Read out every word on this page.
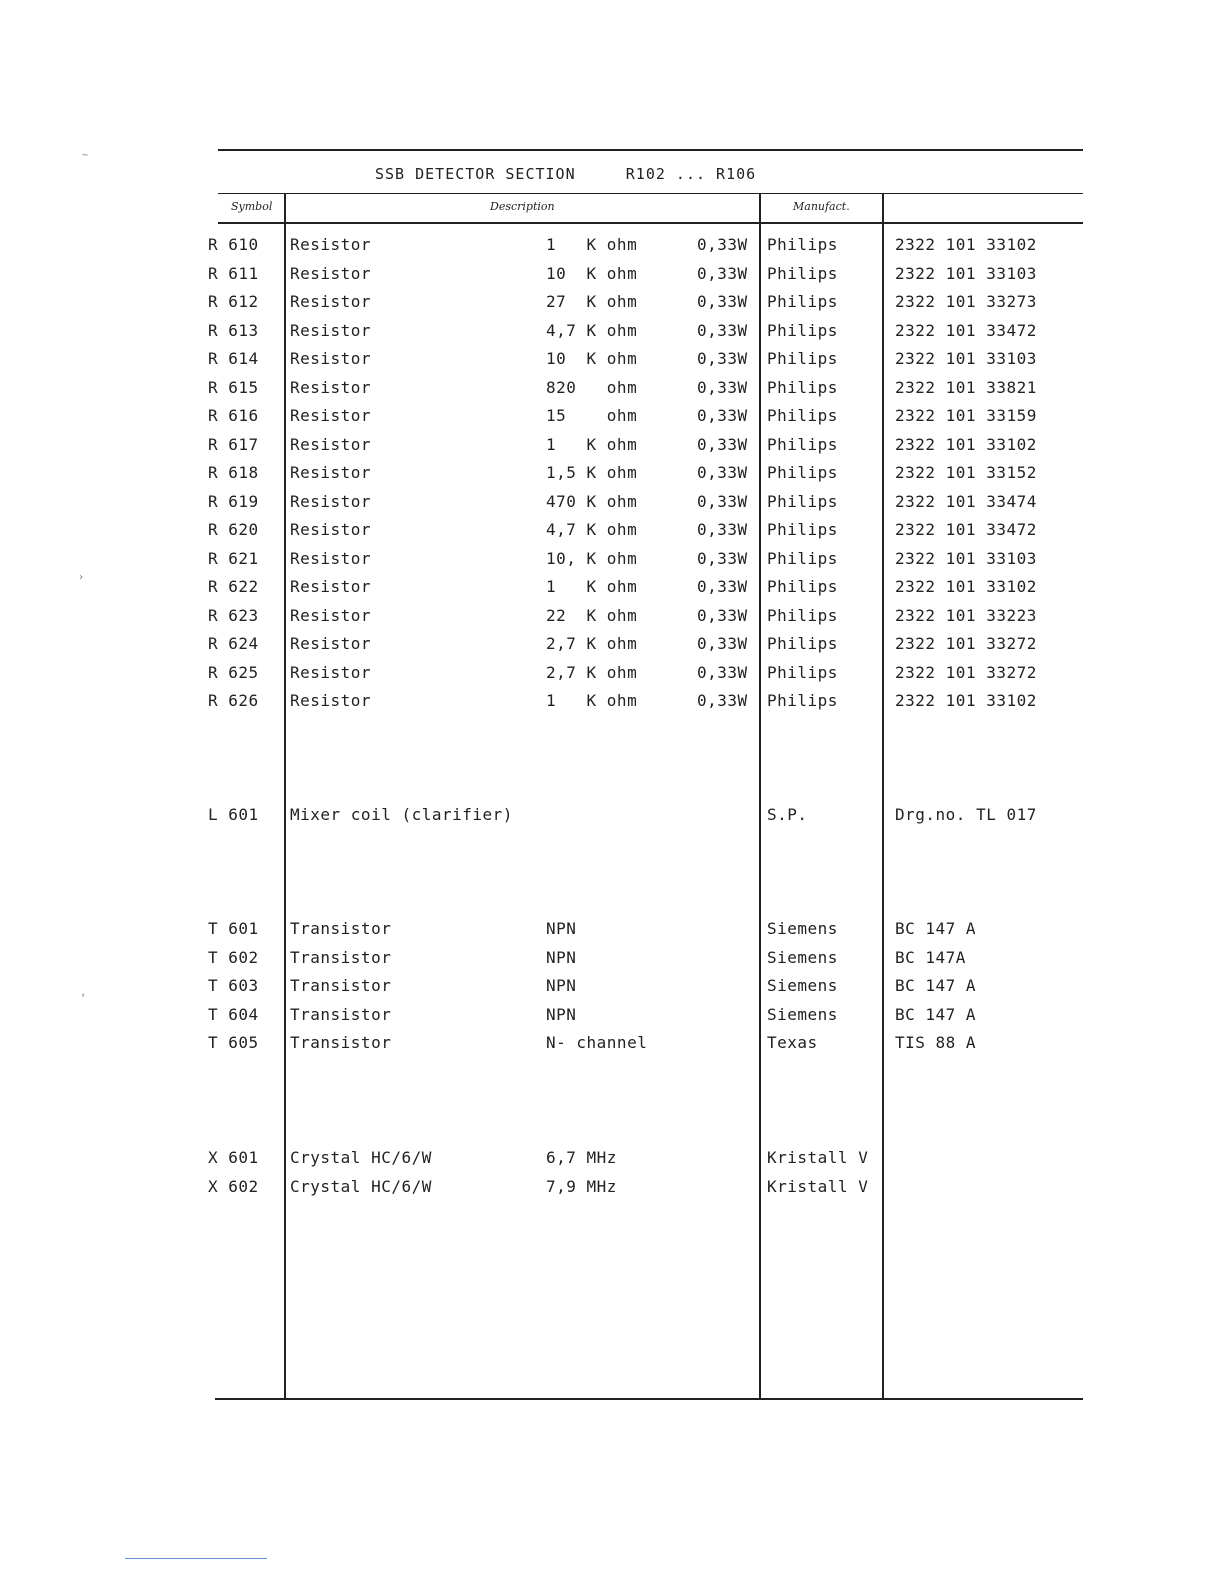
SSB DETECTOR SECTION     R102 ... R106
Symbol	Description	Manufact.
R 610 Resistor	1   K ohm	0,33W Philips	2322 101 33102
R 611 Resistor	10  K ohm	0,33W Philips	2322 101 33103
R 612 Resistor	27  K ohm	0,33W Philips	2322 101 33273
R 613 Resistor	4,7 K ohm	0,33W Philips	2322 101 33472
R 614 Resistor	10  K ohm	0,33W Philips	2322 101 33103
R 615 Resistor	820   ohm	0,33W Philips	2322 101 33821
R 616 Resistor	15    ohm	0,33W Philips	2322 101 33159
R 617 Resistor	1   K ohm	0,33W Philips	2322 101 33102
R 618 Resistor	1,5 K ohm	0,33W Philips	2322 101 33152
R 619 Resistor	470 K ohm	0,33W Philips	2322 101 33474
R 620 Resistor	4,7 K ohm	0,33W Philips	2322 101 33472
R 621 Resistor	10, K ohm	0,33W Philips	2322 101 33103
R 622 Resistor	1   K ohm	0,33W Philips	2322 101 33102
R 623 Resistor	22  K ohm	0,33W Philips	2322 101 33223
R 624 Resistor	2,7 K ohm	0,33W Philips	2322 101 33272
R 625 Resistor	2,7 K ohm	0,33W Philips	2322 101 33272
R 626 Resistor	1   K ohm	0,33W Philips	2322 101 33102
L 601 Mixer coil (clarifier)	S.P.	Drg.no. TL 017
T 601 Transistor	NPN	Siemens	BC 147 A
T 602 Transistor	NPN	Siemens	BC 147A
T 603 Transistor	NPN	Siemens	BC 147 A
T 604 Transistor	NPN	Siemens	BC 147 A
T 605 Transistor	N- channel	Texas	TIS 88 A
X 601 Crystal HC/6/W	6,7 MHz	Kristall V
X 602 Crystal HC/6/W	7,9 MHz	Kristall V
~
›
‘
